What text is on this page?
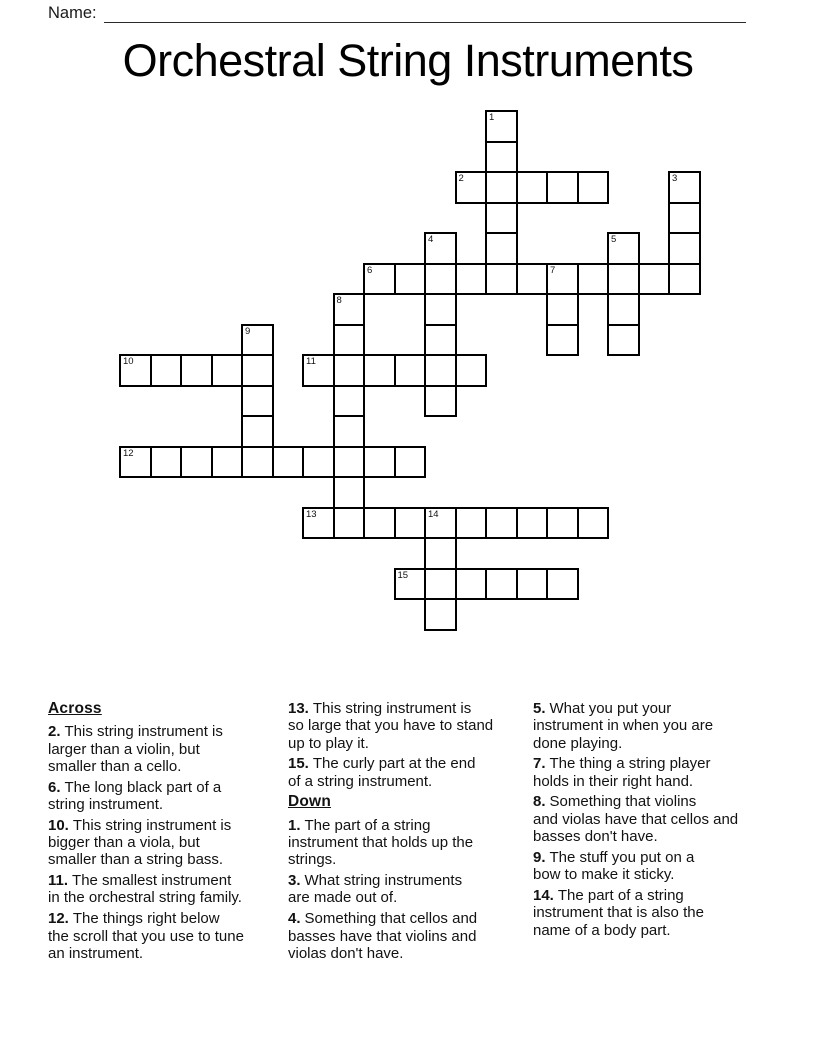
Name:
Orchestral String Instruments
1
2	3
4	5
6	7
8
9
10	11
12
13	14
15
Across
2. This string instrument is
larger than a violin, but
smaller than a cello.
6. The long black part of a
string instrument.
10. This string instrument is
bigger than a viola, but
smaller than a string bass.
11. The smallest instrument
in the orchestral string family.
12. The things right below
the scroll that you use to tune
an instrument.
13. This string instrument is
so large that you have to stand
up to play it.
15. The curly part at the end
of a string instrument.
Down
1. The part of a string
instrument that holds up the
strings.
3. What string instruments
are made out of.
4. Something that cellos and
basses have that violins and
violas don't have.
5. What you put your
instrument in when you are
done playing.
7. The thing a string player
holds in their right hand.
8. Something that violins
and violas have that cellos and
basses don't have.
9. The stuff you put on a
bow to make it sticky.
14. The part of a string
instrument that is also the
name of a body part.
